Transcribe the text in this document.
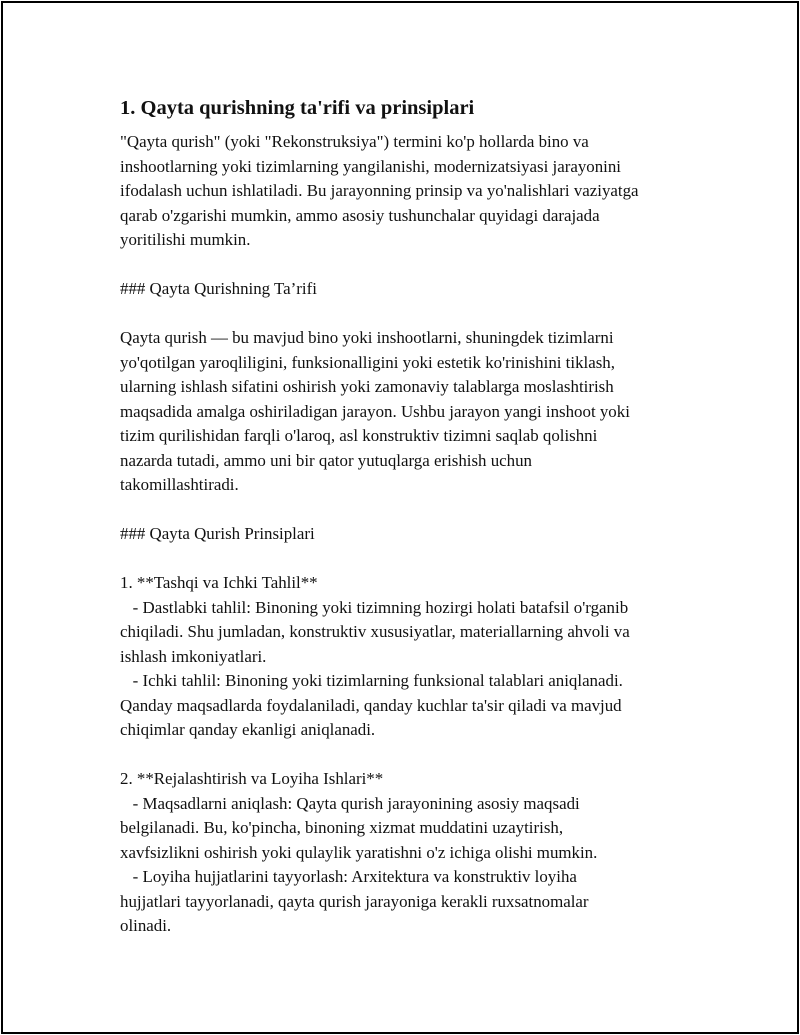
1. Qayta qurishning ta'rifi va prinsiplari

"Qayta qurish" (yoki "Rekonstruksiya") termini ko'p hollarda bino va
inshootlarning yoki tizimlarning yangilanishi, modernizatsiyasi jarayonini
ifodalash uchun ishlatiladi. Bu jarayonning prinsip va yo'nalishlari vaziyatga
qarab o'zgarishi mumkin, ammo asosiy tushunchalar quyidagi darajada
yoritilishi mumkin.

### Qayta Qurishning Ta’rifi

Qayta qurish — bu mavjud bino yoki inshootlarni, shuningdek tizimlarni
yo'qotilgan yaroqliligini, funksionalligini yoki estetik ko'rinishini tiklash,
ularning ishlash sifatini oshirish yoki zamonaviy talablarga moslashtirish
maqsadida amalga oshiriladigan jarayon. Ushbu jarayon yangi inshoot yoki
tizim qurilishidan farqli o'laroq, asl konstruktiv tizimni saqlab qolishni
nazarda tutadi, ammo uni bir qator yutuqlarga erishish uchun
takomillashtiradi.

### Qayta Qurish Prinsiplari

1. **Tashqi va Ichki Tahlil**

- Dastlabki tahlil: Binoning yoki tizimning hozirgi holati batafsil o'rganib
chiqiladi. Shu jumladan, konstruktiv xususiyatlar, materiallarning ahvoli va
ishlash imkoniyatlari.

- Ichki tahlil: Binoning yoki tizimlarning funksional talablari aniqlanadi.
Qanday maqsadlarda foydalaniladi, qanday kuchlar ta'sir qiladi va mavjud
chiqimlar qanday ekanligi aniqlanadi.

2. **Rejalashtirish va Loyiha Ishlari**

- Maqsadlarni aniqlash: Qayta qurish jarayonining asosiy maqsadi
belgilanadi. Bu, ko'pincha, binoning xizmat muddatini uzaytirish,
xavfsizlikni oshirish yoki qulaylik yaratishni o'z ichiga olishi mumkin.

- Loyiha hujjatlarini tayyorlash: Arxitektura va konstruktiv loyiha
hujjatlari tayyorlanadi, qayta qurish jarayoniga kerakli ruxsatnomalar
olinadi.
